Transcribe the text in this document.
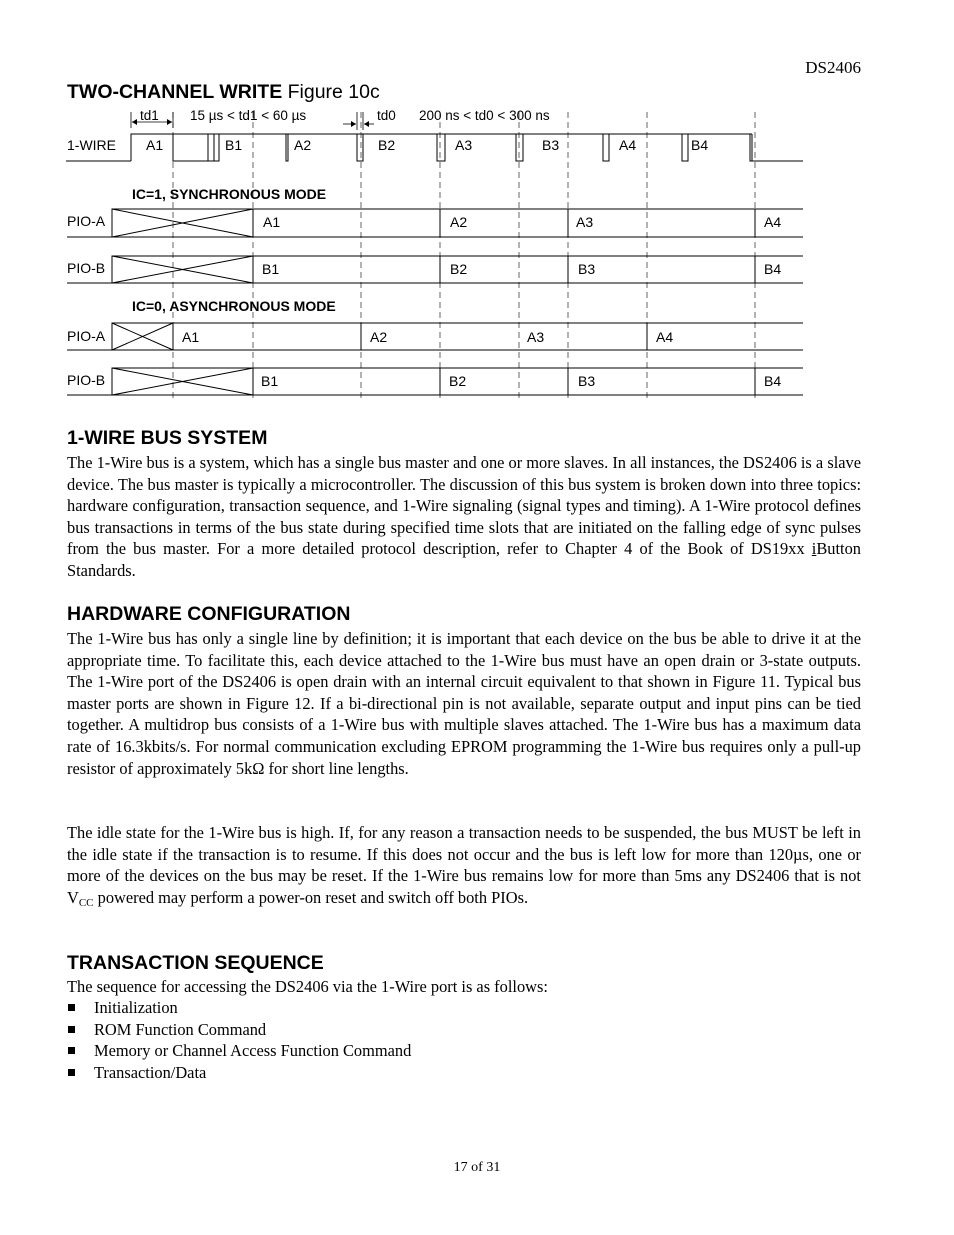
DS2406
TWO-CHANNEL WRITE Figure 10c
td1 15 µs < td1 < 60 µs	td0 200 ns < td0 < 300 ns
1-WIRE A1	B1	A2	B2	A3	B3	A4	B4
IC=1, SYNCHRONOUS MODE
PIO-A	A1	A2	A3	A4
PIO-B	B1	B2	B3	B4
IC=0, ASYNCHRONOUS MODE
PIO-A	A1	A2	A3	A4
PIO-B	B1	B2	B3	B4
1-WIRE BUS SYSTEM

The 1-Wire bus is a system, which has a single bus master and one or more slaves. In all instances, the DS2406 is a slave device. The bus master is typically a microcontroller. The discussion of this bus system is broken down into three topics: hardware configuration, transaction sequence, and 1-Wire signaling (signal types and timing). A 1-Wire protocol defines bus transactions in terms of the bus state during specified time slots that are initiated on the falling edge of sync pulses from the bus master. For a more detailed protocol description, refer to Chapter 4 of the Book of DS19xx iButton Standards.

HARDWARE CONFIGURATION

The 1-Wire bus has only a single line by definition; it is important that each device on the bus be able to drive it at the appropriate time. To facilitate this, each device attached to the 1-Wire bus must have an open drain or 3-state outputs. The 1-Wire port of the DS2406 is open drain with an internal circuit equivalent to that shown in Figure 11. Typical bus master ports are shown in Figure 12. If a bi-directional pin is not available, separate output and input pins can be tied together. A multidrop bus consists of a 1-Wire bus with multiple slaves attached. The 1-Wire bus has a maximum data rate of 16.3kbits/s. For normal communication excluding EPROM programming the 1-Wire bus requires only a pull-up resistor of approximately 5kΩ for short line lengths.

The idle state for the 1-Wire bus is high. If, for any reason a transaction needs to be suspended, the bus MUST be left in the idle state if the transaction is to resume. If this does not occur and the bus is left low for more than 120µs, one or more of the devices on the bus may be reset. If the 1-Wire bus remains low for more than 5ms any DS2406 that is not $V_{CC}$ powered may perform a power-on reset and switch off both PIOs.

TRANSACTION SEQUENCE

The sequence for accessing the DS2406 via the 1-Wire port is as follows:

Initialization
ROM Function Command
Memory or Channel Access Function Command
Transaction/Data
17 of 31
